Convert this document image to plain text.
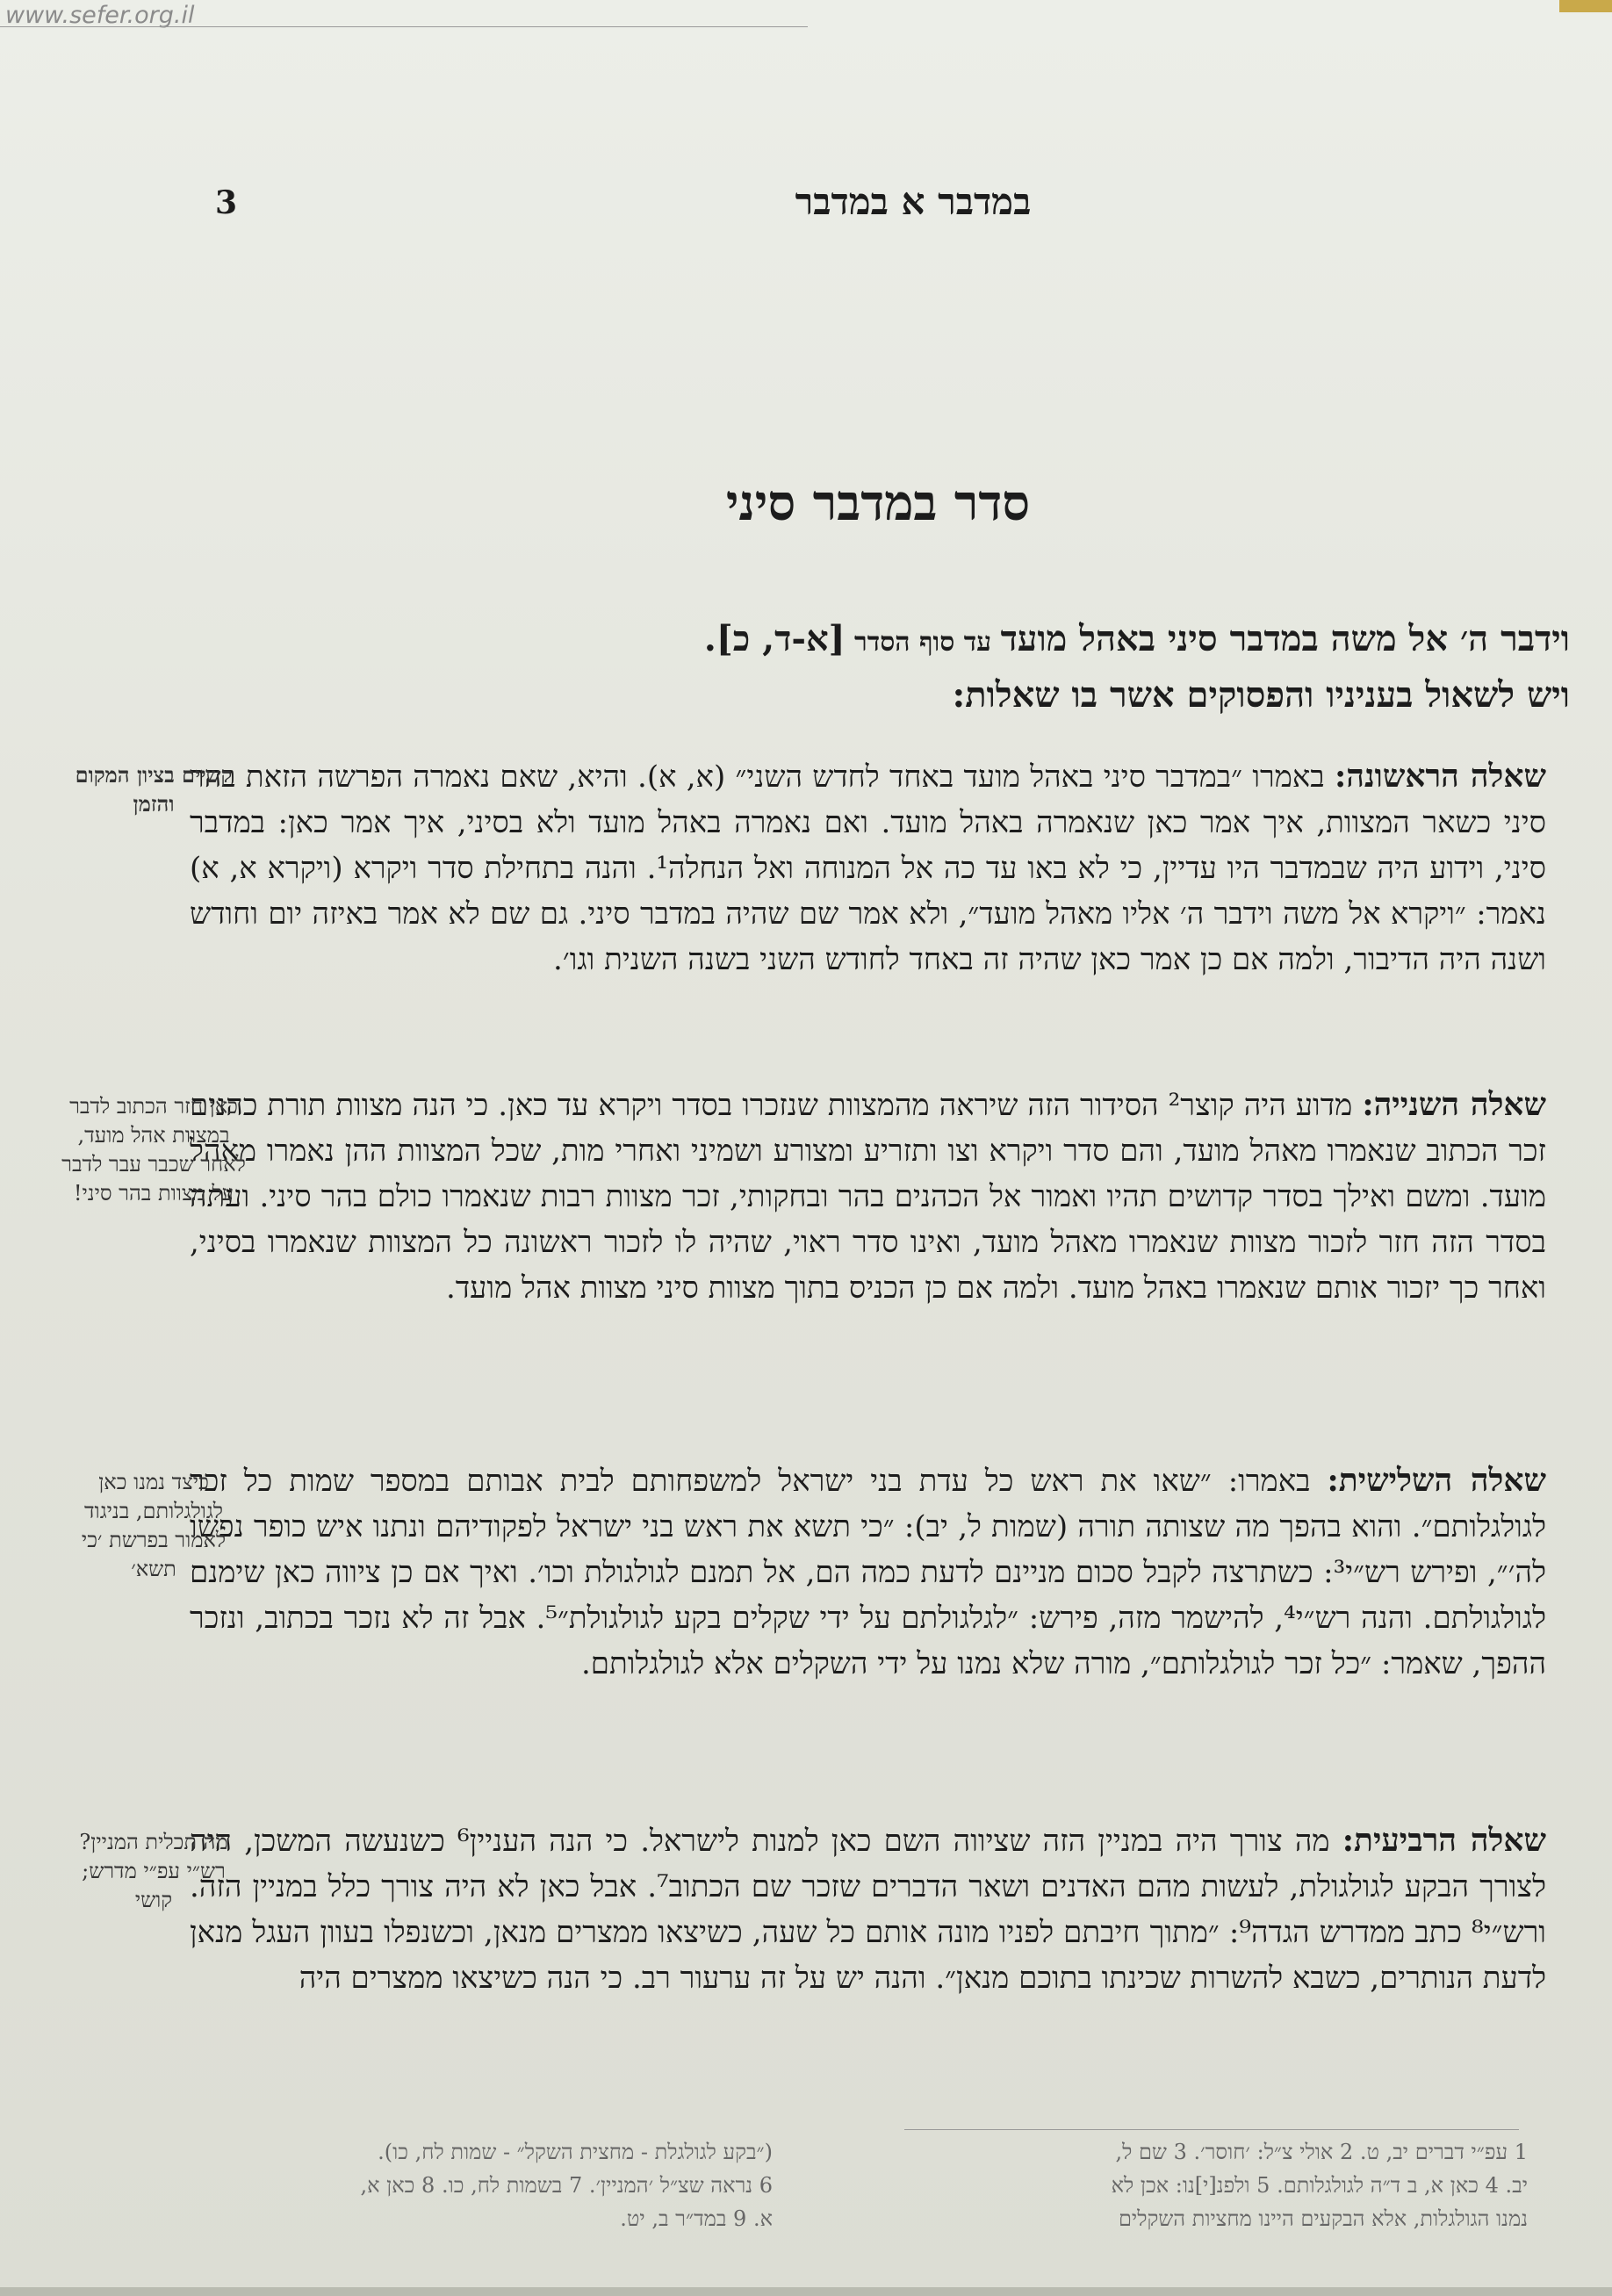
www.sefer.org.il
במדבר א במדבר
3
סדר במדבר סיני
וידבר ה׳ אל משה במדבר סיני באהל מועד עד סוף הסדר [א-ד, כ].
ויש לשאול בעניניו והפסוקים אשר בו שאלות:
שאלה הראשונה: באמרו ״במדבר סיני באהל מועד באחד לחדש השני״ (א, א). והיא, שאם נאמרה הפרשה הזאת בהר סיני כשאר המצוות, איך אמר כאן שנאמרה באהל מועד. ואם נאמרה באהל מועד ולא בסיני, איך אמר כאן: במדבר סיני, וידוע היה שבמדבר היו עדיין, כי לא באו עד כה אל המנוחה ואל הנחלה¹. והנה בתחילת סדר ויקרא (ויקרא א, א) נאמר: ״ויקרא אל משה וידבר ה׳ אליו מאהל מועד״, ולא אמר שם שהיה במדבר סיני. גם שם לא אמר באיזה יום וחודש ושנה היה הדיבור, ולמה אם כן אמר כאן שהיה זה באחד לחודש השני בשנה השנית וגו׳.
קשיים בציון המקום והזמן
שאלה השנייה: מדוע היה קוצר² הסידור הזה שיראה מהמצוות שנזכרו בסדר ויקרא עד כאן. כי הנה מצוות תורת כהנים זכר הכתוב שנאמרו מאהל מועד, והם סדר ויקרא וצו ותזריע ומצורע ושמיני ואחרי מות, שכל המצוות ההן נאמרו מאהל מועד. ומשם ואילך בסדר קדושים תהיו ואמור אל הכהנים בהר ובחקותי, זכר מצוות רבות שנאמרו כולם בהר סיני. ועתה בסדר הזה חזר לזכור מצוות שנאמרו מאהל מועד, ואינו סדר ראוי, שהיה לו לזכור ראשונה כל המצוות שנאמרו בסיני, ואחר כך יזכור אותם שנאמרו באהל מועד. ולמה אם כן הכניס בתוך מצוות סיני מצוות אהל מועד.
כאן חזר הכתוב לדבר במצוות אהל מועד, לאחר שכבר עבר לדבר על מצוות בהר סיני!
שאלה השלישית: באמרו: ״שאו את ראש כל עדת בני ישראל למשפחותם לבית אבותם במספר שמות כל זכר לגולגלותם״. והוא בהפך מה שצותה תורה (שמות ל, יב): ״כי תשא את ראש בני ישראל לפקודיהם ונתנו איש כופר נפשו לה׳״, ופירש רש״י³: כשתרצה לקבל סכום מניינם לדעת כמה הם, אל תמנם לגולגולת וכו׳. ואיך אם כן ציווה כאן שימנם לגולגולתם. והנה רש״י⁴, להישמר מזה, פירש: ״לגלגולתם על ידי שקלים בקע לגולגולת״⁵. אבל זה לא נזכר בכתוב, ונזכר ההפך, שאמר: ״כל זכר לגולגלותם״, מורה שלא נמנו על ידי השקלים אלא לגולגלותם.
כיצד נמנו כאן לגולגלותם, בניגוד לאמור בפרשת ׳כי תשא׳
שאלה הרביעית: מה צורך היה במניין הזה שציווה השם כאן למנות לישראל. כי הנה העניין⁶ כשנעשה המשכן, היה לצורך הבקע לגולגולת, לעשות מהם האדנים ושאר הדברים שזכר שם הכתוב⁷. אבל כאן לא היה צורך כלל במניין הזה. ורש״י⁸ כתב ממדרש הגדה⁹: ״מתוך חיבתם לפניו מונה אותם כל שעה, כשיצאו ממצרים מנאן, וכשנפלו בעוון העגל מנאן לדעת הנותרים, כשבא להשרות שכינתו בתוכם מנאן״. והנה יש על זה ערעור רב. כי הנה כשיצאו ממצרים היה
מה תכלית המניין? רש״י עפ״י מדרש; קושי

1 עפ״י דברים יב, ט. 2 אולי צ״ל: ׳חוסר׳. 3 שם ל,

יב. 4 כאן א, ב ד״ה לגולגלותם. 5 ולפנ[י]נו: אכן לא

נמנו הגולגלות, אלא הבקעים היינו מחציות השקלים

(״בקע לגולגלת - מחצית השקל״ - שמות לח, כו).

6 נראה שצ״ל ׳המניין׳. 7 בשמות לח, כו. 8 כאן א,

א. 9 במד״ר ב, יט.
